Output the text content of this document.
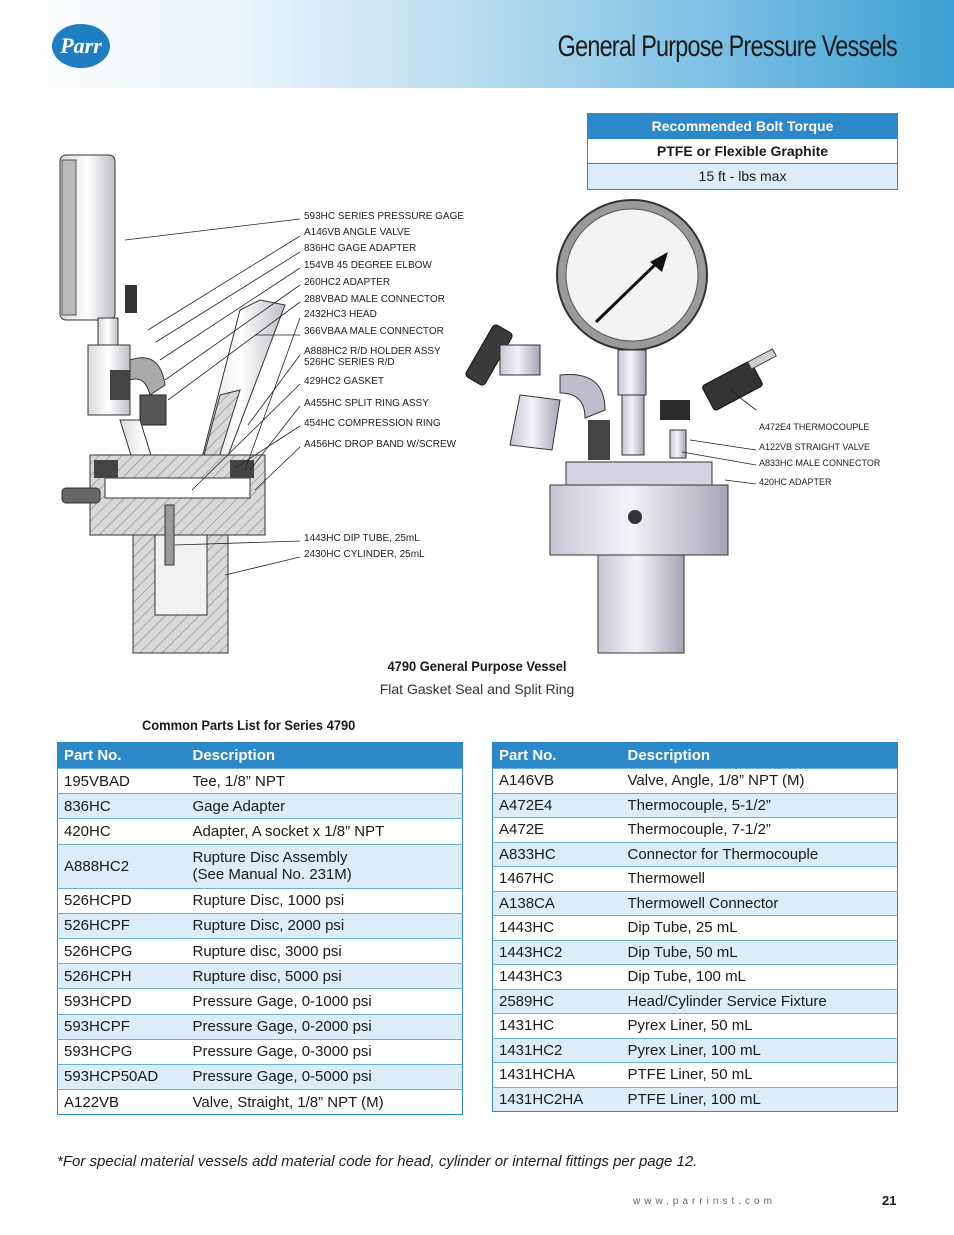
Parr	General Purpose Pressure Vessels
Recommended Bolt Torque
PTFE or Flexible Graphite
15 ft - lbs max
593HC SERIES PRESSURE GAGE
A146VB ANGLE VALVE
836HC GAGE ADAPTER
154VB 45 DEGREE ELBOW
260HC2 ADAPTER
288VBAD MALE CONNECTOR
2432HC3 HEAD
366VBAA MALE CONNECTOR
A888HC2 R/D HOLDER ASSY
526HC SERIES R/D
429HC2 GASKET
A455HC SPLIT RING ASSY
454HC COMPRESSION RING
A456HC DROP BAND W/SCREW
1443HC DIP TUBE, 25mL
2430HC CYLINDER, 25mL
A472E4 THERMOCOUPLE
A122VB STRAIGHT VALVE
A833HC MALE CONNECTOR
420HC ADAPTER
4790 General Purpose Vessel
Flat Gasket Seal and Split Ring
Common Parts List for Series 4790
Part No.	Description
195VBAD	Tee, 1/8” NPT
836HC	Gage Adapter
420HC	Adapter, A socket x 1/8” NPT
A888HC2	Rupture Disc Assembly
(See Manual No. 231M)
526HCPD	Rupture Disc, 1000 psi
526HCPF	Rupture Disc, 2000 psi
526HCPG	Rupture disc, 3000 psi
526HCPH	Rupture disc, 5000 psi
593HCPD	Pressure Gage, 0-1000 psi
593HCPF	Pressure Gage, 0-2000 psi
593HCPG	Pressure Gage, 0-3000 psi
593HCP50AD	Pressure Gage, 0-5000 psi
A122VB	Valve, Straight, 1/8” NPT (M)
Part No.	Description
A146VB	Valve, Angle, 1/8” NPT (M)
A472E4	Thermocouple, 5-1/2”
A472E	Thermocouple, 7-1/2”
A833HC	Connector for Thermocouple
1467HC	Thermowell
A138CA	Thermowell Connector
1443HC	Dip Tube, 25 mL
1443HC2	Dip Tube, 50 mL
1443HC3	Dip Tube, 100 mL
2589HC	Head/Cylinder Service Fixture
1431HC	Pyrex Liner, 50 mL
1431HC2	Pyrex Liner, 100 mL
1431HCHA	PTFE Liner, 50 mL
1431HC2HA	PTFE Liner, 100 mL
*For special material vessels add material code for head, cylinder or internal fittings per page 12.
www.parrinst.com	21
